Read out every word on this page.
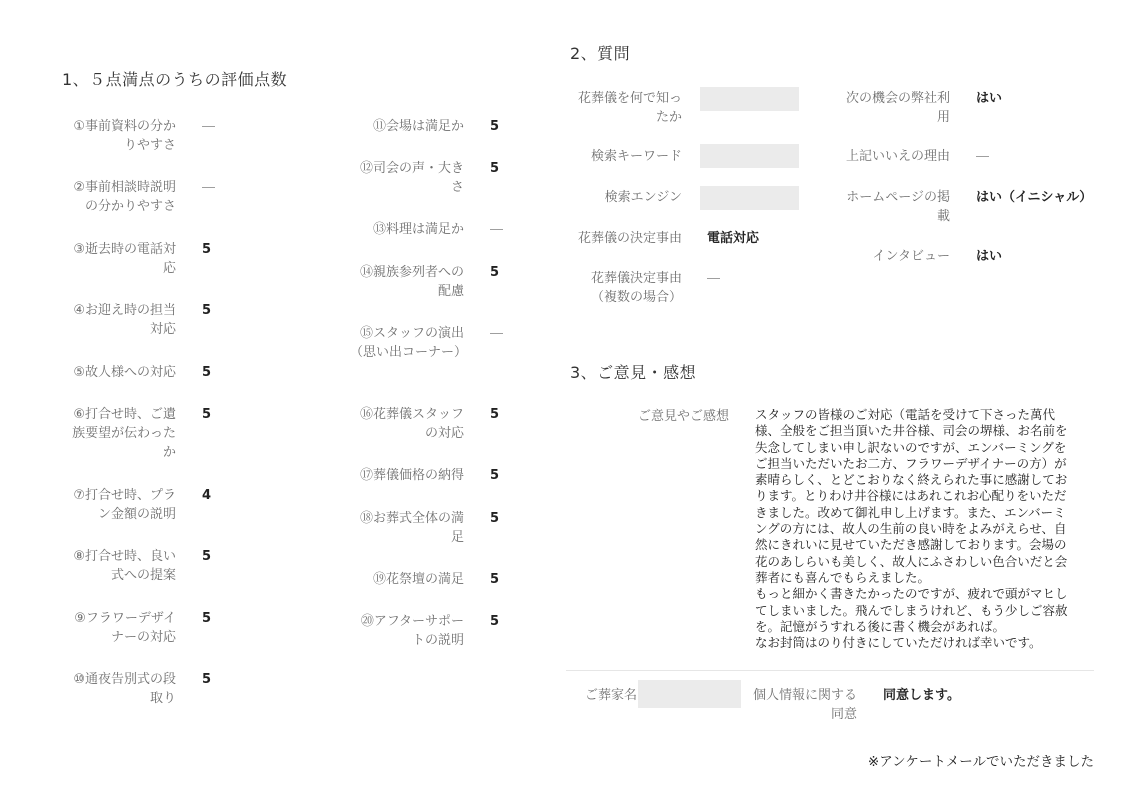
1、５点満点のうちの評価点数
①事前資料の分かりやすさ
―
②事前相談時説明の分かりやすさ
―
③逝去時の電話対応
5
④お迎え時の担当対応
5
⑤故人様への対応 5
⑥打合せ時、ご遺族要望が伝わったか
5
⑦打合せ時、プラン金額の説明
4
⑧打合せ時、良い式への提案
5
⑨フラワーデザイナーの対応
5
⑩通夜告別式の段取り
5
⑪会場は満足か 5
⑫司会の声・大きさ
5
⑬料理は満足か ―
⑭親族参列者への配慮
5
⑮スタッフの演出（思い出コーナー）
―
⑯花葬儀スタッフの対応
5
⑰葬儀価格の納得 5
⑱お葬式全体の満足
5
⑲花祭壇の満足 5
⑳アフターサポートの説明
5
2、質問
花葬儀を何で知ったか
検索キーワード
検索エンジン
花葬儀の決定事由 電話対応
花葬儀決定事由（複数の場合）
―
次の機会の弊社利用
はい
上記いいえの理由 ―
ホームページの掲載
はい（イニシャル）
インタビュー はい
3、ご意見・感想
ご意見やご感想 スタッフの皆様のご対応（電話を受けて下さった萬代
様、全般をご担当頂いた井谷様、司会の堺様、お名前を
失念してしまい申し訳ないのですが、エンバーミングを
ご担当いただいたお二方、フラワーデザイナーの方）が
素晴らしく、とどこおりなく終えられた事に感謝してお
ります。とりわけ井谷様にはあれこれお心配りをいただ
きました。改めて御礼申し上げます。また、エンバーミ
ングの方には、故人の生前の良い時をよみがえらせ、自
然にきれいに見せていただき感謝しております。会場の
花のあしらいも美しく、故人にふさわしい色合いだと会
葬者にも喜んでもらえました。
もっと細かく書きたかったのですが、疲れで頭がマヒし
てしまいました。飛んでしまうけれど、もう少しご容赦
を。記憶がうすれる後に書く機会があれば。
なお封筒はのり付きにしていただければ幸いです。
ご葬家名	個人情報に関する同意
同意します。
※アンケートメールでいただきました
